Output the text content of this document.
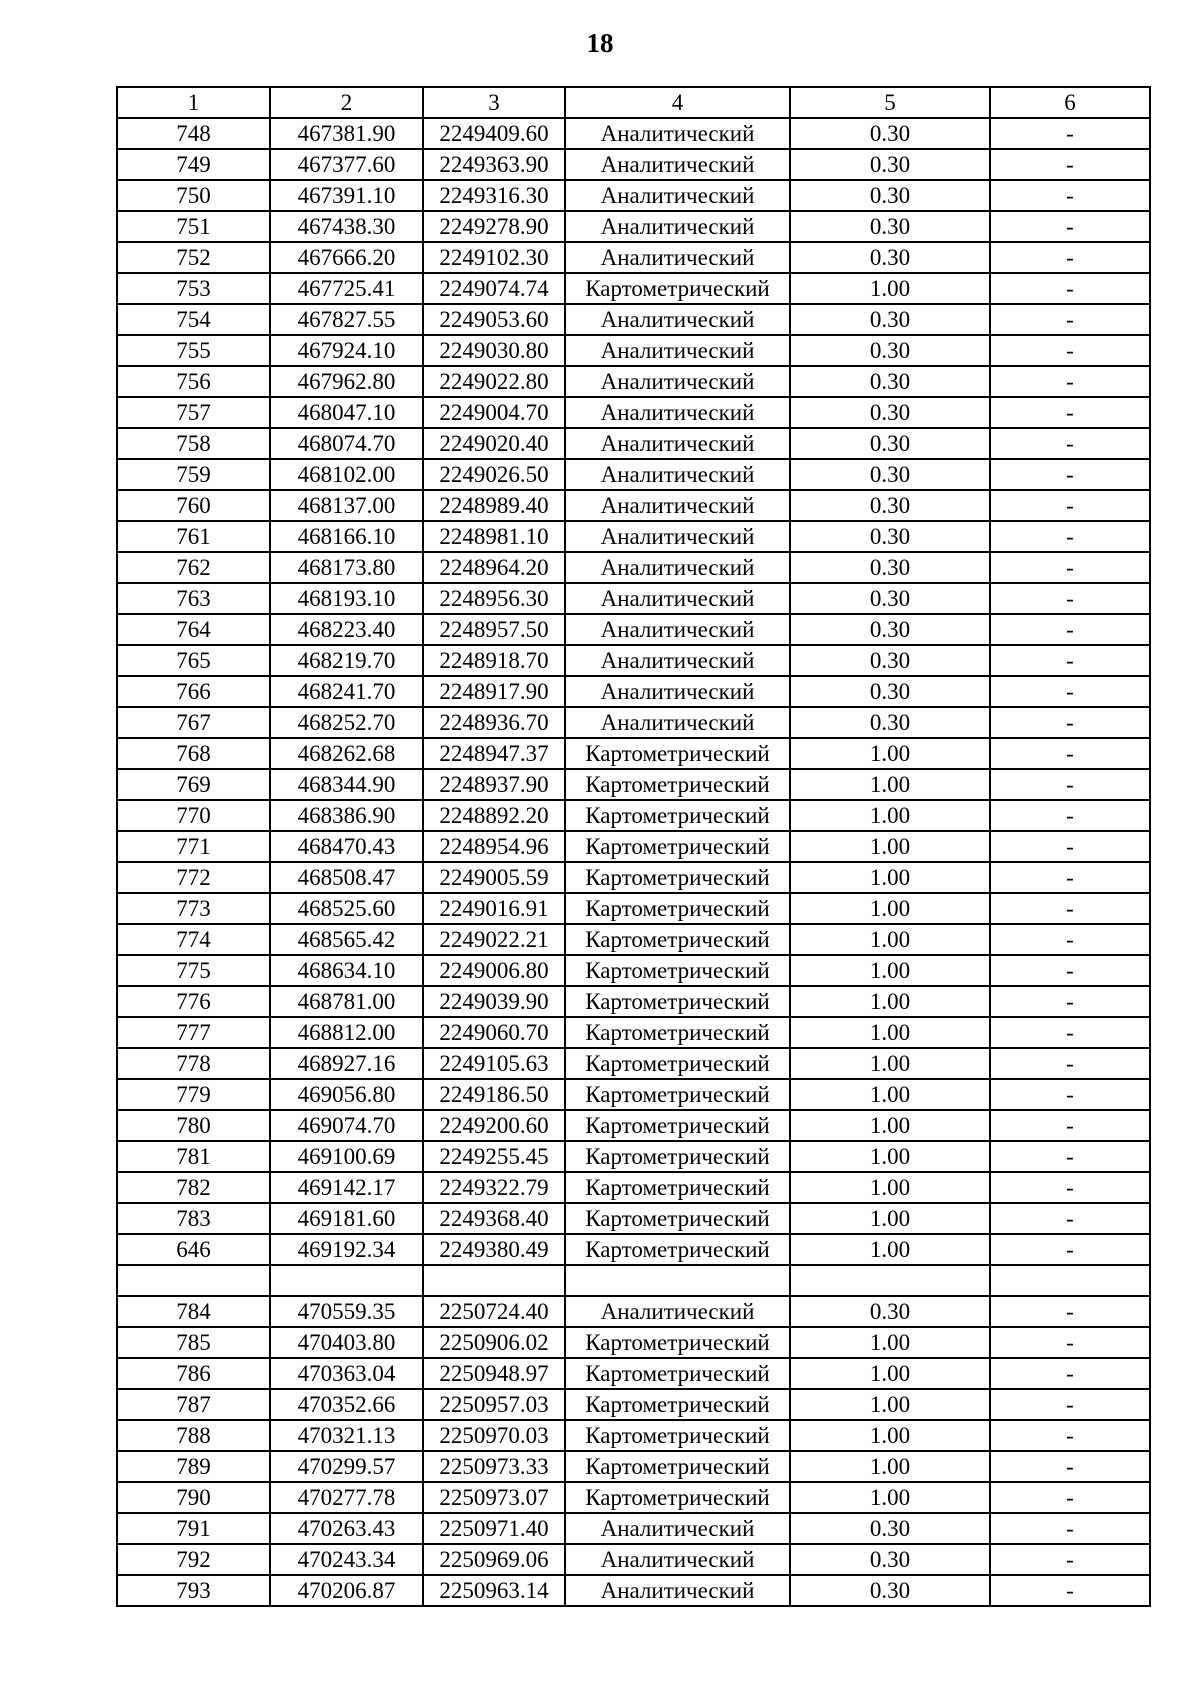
18
1	2	3	4	5	6
748	467381.90	2249409.60	Аналитический	0.30	-
749	467377.60	2249363.90	Аналитический	0.30	-
750	467391.10	2249316.30	Аналитический	0.30	-
751	467438.30	2249278.90	Аналитический	0.30	-
752	467666.20	2249102.30	Аналитический	0.30	-
753	467725.41	2249074.74	Картометрический	1.00	-
754	467827.55	2249053.60	Аналитический	0.30	-
755	467924.10	2249030.80	Аналитический	0.30	-
756	467962.80	2249022.80	Аналитический	0.30	-
757	468047.10	2249004.70	Аналитический	0.30	-
758	468074.70	2249020.40	Аналитический	0.30	-
759	468102.00	2249026.50	Аналитический	0.30	-
760	468137.00	2248989.40	Аналитический	0.30	-
761	468166.10	2248981.10	Аналитический	0.30	-
762	468173.80	2248964.20	Аналитический	0.30	-
763	468193.10	2248956.30	Аналитический	0.30	-
764	468223.40	2248957.50	Аналитический	0.30	-
765	468219.70	2248918.70	Аналитический	0.30	-
766	468241.70	2248917.90	Аналитический	0.30	-
767	468252.70	2248936.70	Аналитический	0.30	-
768	468262.68	2248947.37	Картометрический	1.00	-
769	468344.90	2248937.90	Картометрический	1.00	-
770	468386.90	2248892.20	Картометрический	1.00	-
771	468470.43	2248954.96	Картометрический	1.00	-
772	468508.47	2249005.59	Картометрический	1.00	-
773	468525.60	2249016.91	Картометрический	1.00	-
774	468565.42	2249022.21	Картометрический	1.00	-
775	468634.10	2249006.80	Картометрический	1.00	-
776	468781.00	2249039.90	Картометрический	1.00	-
777	468812.00	2249060.70	Картометрический	1.00	-
778	468927.16	2249105.63	Картометрический	1.00	-
779	469056.80	2249186.50	Картометрический	1.00	-
780	469074.70	2249200.60	Картометрический	1.00	-
781	469100.69	2249255.45	Картометрический	1.00	-
782	469142.17	2249322.79	Картометрический	1.00	-
783	469181.60	2249368.40	Картометрический	1.00	-
646	469192.34	2249380.49	Картометрический	1.00	-

784	470559.35	2250724.40	Аналитический	0.30	-
785	470403.80	2250906.02	Картометрический	1.00	-
786	470363.04	2250948.97	Картометрический	1.00	-
787	470352.66	2250957.03	Картометрический	1.00	-
788	470321.13	2250970.03	Картометрический	1.00	-
789	470299.57	2250973.33	Картометрический	1.00	-
790	470277.78	2250973.07	Картометрический	1.00	-
791	470263.43	2250971.40	Аналитический	0.30	-
792	470243.34	2250969.06	Аналитический	0.30	-
793	470206.87	2250963.14	Аналитический	0.30	-
